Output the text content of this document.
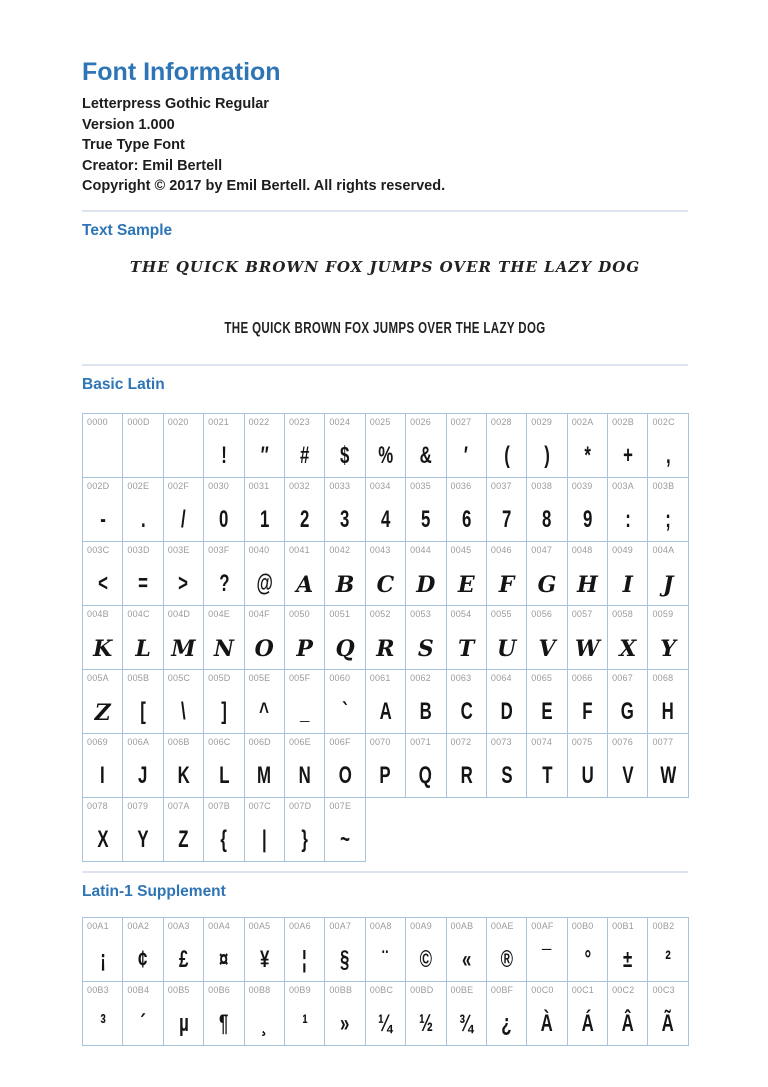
Font Information
Letterpress Gothic Regular
Version 1.000
True Type Font
Creator: Emil Bertell
Copyright © 2017 by Emil Bertell. All rights reserved.
Text Sample
THE QUICK BROWN FOX JUMPS OVER THE LAZY DOG
THE QUICK BROWN FOX JUMPS OVER THE LAZY DOG
Basic Latin
0000 000D 0020 0021
!
0022
″
0023
#
0024
$
0025
%
0026
&
0027
′
0028
(
0029
)
002A
*
002B
+
002C
,
002D
-
002E
.
002F
/
0030
0
0031
1
0032
2
0033
3
0034
4
0035
5
0036
6
0037
7
0038
8
0039
9
003A
:
003B
;
003C
<
003D
=
003E
>
003F
?
0040
@
0041
A
0042
B
0043
C
0044
D
0045
E
0046
F
0047
G
0048
H
0049
I
004A
J
004B
K
004C
L
004D
M
004E
N
004F
O
0050
P
0051
Q
0052
R
0053
S
0054
T
0055
U
0056
V
0057
W
0058
X
0059
Y
005A
Z
005B
[
005C
\
005D
]
005E
^
005F
_
0060
`
0061
A
0062
B
0063
C
0064
D
0065
E
0066
F
0067
G
0068
H
0069
I
006A
J
006B
K
006C
L
006D
M
006E
N
006F
O
0070
P
0071
Q
0072
R
0073
S
0074
T
0075
U
0076
V
0077
W
0078
X
0079
Y
007A
Z
007B
{
007C
|
007D
}
007E
~
Latin-1 Supplement
00A1
¡
00A2
¢
00A3
£
00A4
¤
00A5
¥
00A6
¦
00A7
§
00A8
¨
00A9
©
00AB
«
00AE
®
00AF
¯
00B0
°
00B1
±
00B2
²
00B3
³
00B4
´
00B5
µ
00B6
¶
00B8
¸
00B9
¹
00BB
»
00BC
¼
00BD
½
00BE
¾
00BF
¿
00C0
À
00C1
Á
00C2
Â
00C3
Ã
